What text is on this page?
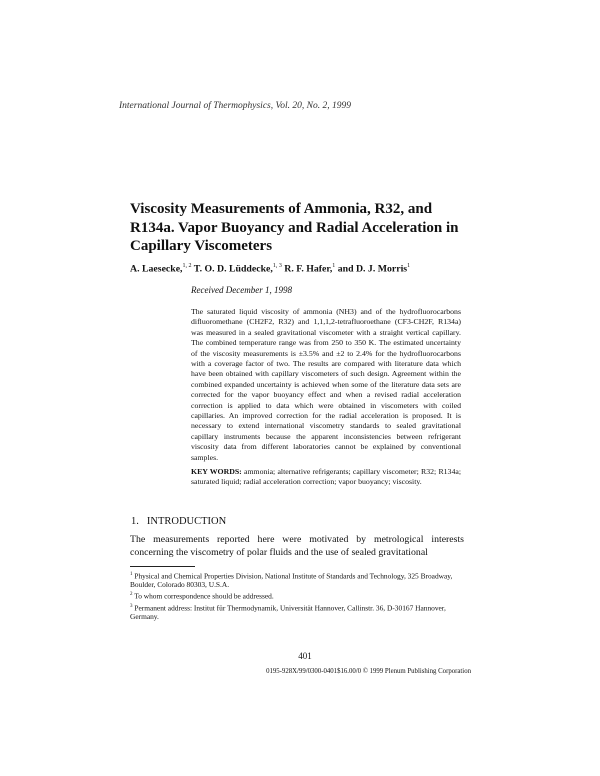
International Journal of Thermophysics, Vol. 20, No. 2, 1999
Viscosity Measurements of Ammonia, R32, and R134a. Vapor Buoyancy and Radial Acceleration in Capillary Viscometers
A. Laesecke,$^{1, 2}$ T. O. D. Lüddecke,$^{1, 3}$ R. F. Hafer,$^1$ and D. J. Morris$^1$
Received December 1, 1998
The saturated liquid viscosity of ammonia (NH3) and of the hydrofluorocarbons difluoromethane (CH2F2, R32) and 1,1,1,2-tetrafluoroethane (CF3-CH2F, R134a) was measured in a sealed gravitational viscometer with a straight vertical capillary. The combined temperature range was from 250 to 350 K. The estimated uncertainty of the viscosity measurements is ±3.5% and ±2 to 2.4% for the hydrofluorocarbons with a coverage factor of two. The results are compared with literature data which have been obtained with capillary viscometers of such design. Agreement within the combined expanded uncertainty is achieved when some of the literature data sets are corrected for the vapor buoyancy effect and when a revised radial acceleration correction is applied to data which were obtained in viscometers with coiled capillaries. An improved correction for the radial acceleration is proposed. It is necessary to extend international viscometry standards to sealed gravitational capillary instruments because the apparent inconsistencies between refrigerant viscosity data from different laboratories cannot be explained by conventional samples.
KEY WORDS: ammonia; alternative refrigerants; capillary viscometer; R32; R134a; saturated liquid; radial acceleration correction; vapor buoyancy; viscosity.
1. INTRODUCTION
The measurements reported here were motivated by metrological interests concerning the viscometry of polar fluids and the use of sealed gravitational
$^1$ Physical and Chemical Properties Division, National Institute of Standards and Technology, 325 Broadway, Boulder, Colorado 80303, U.S.A.
$^2$ To whom correspondence should be addressed.
$^3$ Permanent address: Institut für Thermodynamik, Universität Hannover, Callinstr. 36, D-30167 Hannover, Germany.
401
0195-928X/99/0300-0401$16.00/0 © 1999 Plenum Publishing Corporation
